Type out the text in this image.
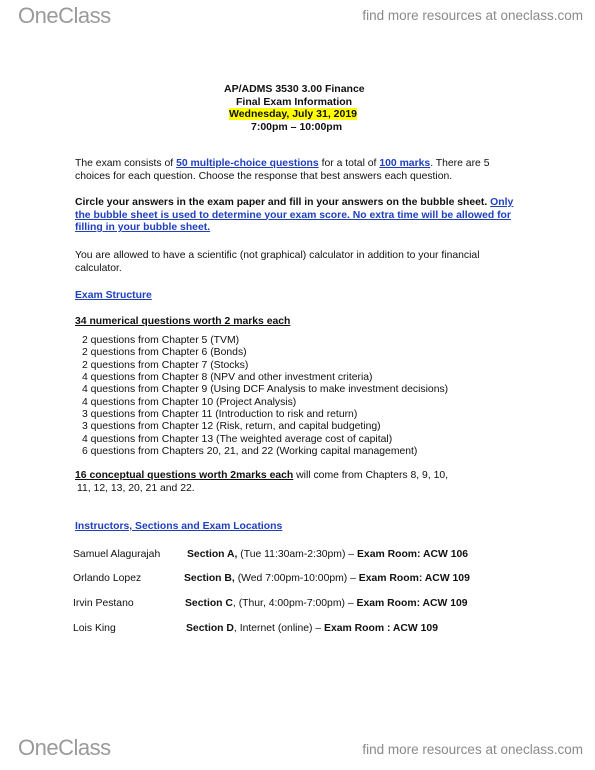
OneClass	find more resources at oneclass.com
AP/ADMS 3530 3.00 Finance
Final Exam Information
Wednesday, July 31, 2019
7:00pm – 10:00pm
The exam consists of 50 multiple-choice questions for a total of 100 marks. There are 5 choices for each question. Choose the response that best answers each question.
Circle your answers in the exam paper and fill in your answers on the bubble sheet. Only the bubble sheet is used to determine your exam score. No extra time will be allowed for filling in your bubble sheet.
You are allowed to have a scientific (not graphical) calculator in addition to your financial calculator.
Exam Structure
34 numerical questions worth 2 marks each
2 questions from Chapter 5 (TVM)
2 questions from Chapter 6 (Bonds)
2 questions from Chapter 7 (Stocks)
4 questions from Chapter 8 (NPV and other investment criteria)
4 questions from Chapter 9 (Using DCF Analysis to make investment decisions)
4 questions from Chapter 10 (Project Analysis)
3 questions from Chapter 11 (Introduction to risk and return)
3 questions from Chapter 12 (Risk, return, and capital budgeting)
4 questions from Chapter 13 (The weighted average cost of capital)
6 questions from Chapters 20, 21, and 22 (Working capital management)
16 conceptual questions worth 2marks each will come from Chapters 8, 9, 10,
11, 12, 13, 20, 21 and 22.
Instructors, Sections and Exam Locations
Samuel Alagurajah	Section A, (Tue 11:30am-2:30pm) – Exam Room: ACW 106
Orlando Lopez	Section B, (Wed 7:00pm-10:00pm) – Exam Room: ACW 109
Irvin Pestano	Section C, (Thur, 4:00pm-7:00pm) – Exam Room: ACW 109
Lois King	Section D, Internet (online) – Exam Room : ACW 109
OneClass	find more resources at oneclass.com
